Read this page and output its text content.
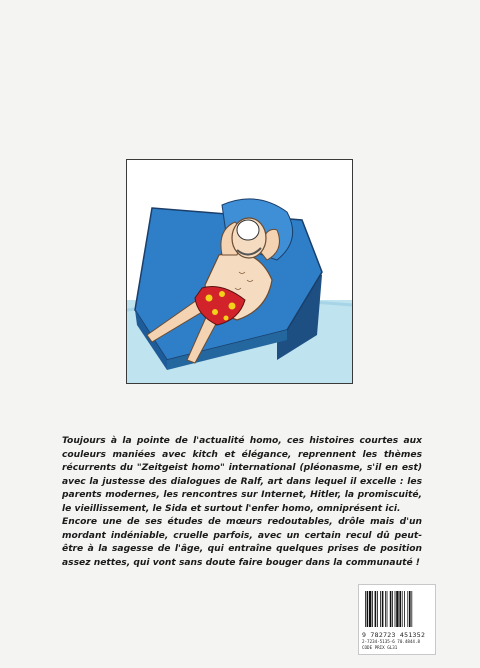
Toujours à la pointe de l'actualité homo, ces histoires courtes aux couleurs maniées avec kitch et élégance, reprennent les thèmes récurrents du "Zeitgeist homo" international (pléonasme, s'il en est) avec la justesse des dialogues de Ralf, art dans lequel il excelle : les parents modernes, les rencontres sur Internet, Hitler, la promiscuité, le vieillissement, le Sida et surtout l'enfer homo, omniprésent ici.

Encore une de ses études de mœurs redoutables, drôle mais d'un mordant indéniable, cruelle parfois, avec un certain recul dû peut-être à la sagesse de l'âge, qui entraîne quelques prises de position assez nettes, qui vont sans doute faire bouger dans la communauté !

9 782723 451352
2-7234-5135-6 70.4844.8
CODE PRIX GL31
